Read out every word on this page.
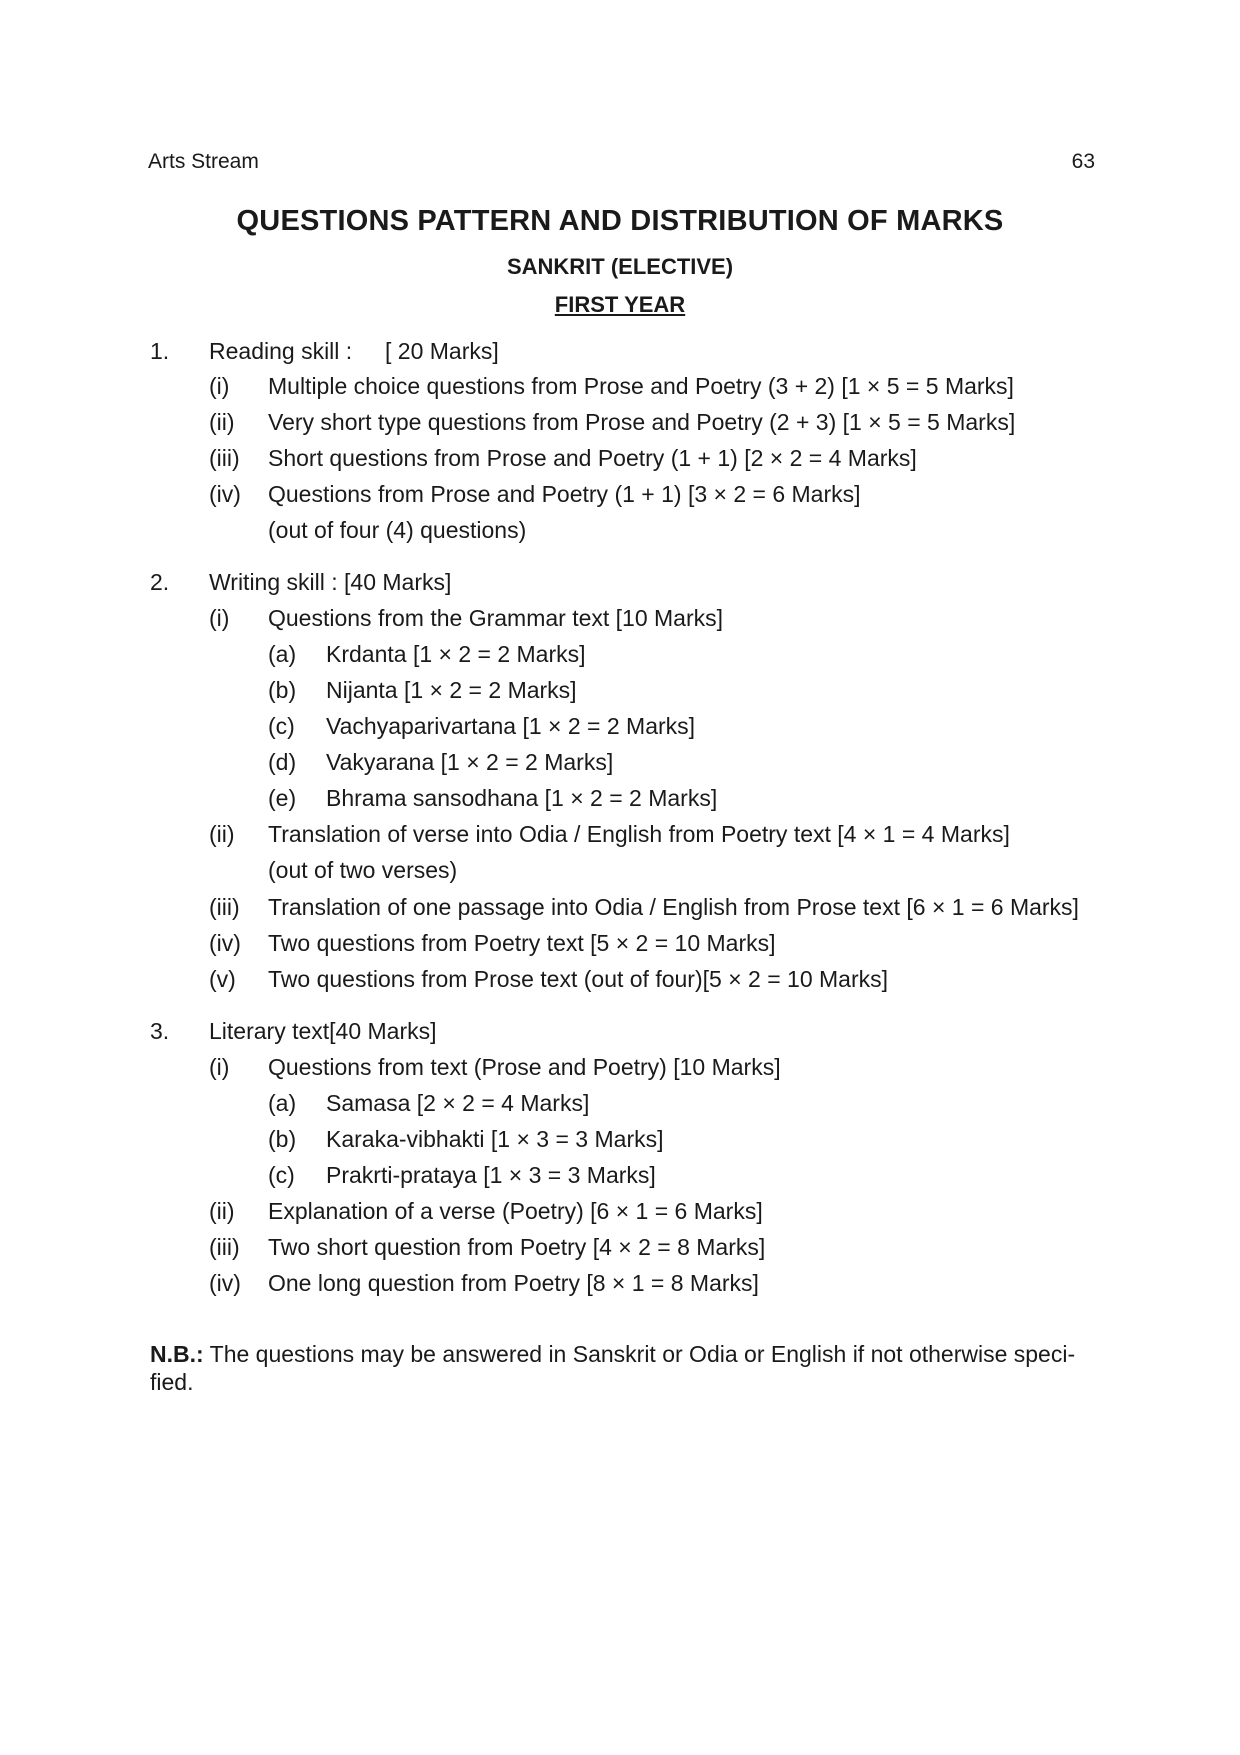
Arts Stream	63
QUESTIONS PATTERN AND DISTRIBUTION OF MARKS
SANKRIT (ELECTIVE)
FIRST YEAR
1. Reading skill : [ 20 Marks]
(i) Multiple choice questions from Prose and Poetry (3 + 2) [1 × 5 = 5 Marks]
(ii) Very short type questions from Prose and Poetry (2 + 3) [1 × 5 = 5 Marks]
(iii) Short questions from Prose and Poetry (1 + 1) [2 × 2 = 4 Marks]
(iv) Questions from Prose and Poetry (1 + 1) [3 × 2 = 6 Marks]
(out of four (4) questions)
2. Writing skill : [40 Marks]
(i) Questions from the Grammar text [10 Marks]
(a) Krdanta [1 × 2 = 2 Marks]
(b) Nijanta [1 × 2 = 2 Marks]
(c) Vachyaparivartana [1 × 2 = 2 Marks]
(d) Vakyarana [1 × 2 = 2 Marks]
(e) Bhrama sansodhana [1 × 2 = 2 Marks]
(ii) Translation of verse into Odia / English from Poetry text [4 × 1 = 4 Marks]
(out of two verses)
(iii) Translation of one passage into Odia / English from Prose text [6 × 1 = 6 Marks]
(iv) Two questions from Poetry text [5 × 2 = 10 Marks]
(v) Two questions from Prose text (out of four)[5 × 2 = 10 Marks]
3. Literary text[40 Marks]
(i) Questions from text (Prose and Poetry) [10 Marks]
(a) Samasa [2 × 2 = 4 Marks]
(b) Karaka-vibhakti [1 × 3 = 3 Marks]
(c) Prakrti-prataya [1 × 3 = 3 Marks]
(ii) Explanation of a verse (Poetry) [6 × 1 = 6 Marks]
(iii) Two short question from Poetry [4 × 2 = 8 Marks]
(iv) One long question from Poetry [8 × 1 = 8 Marks]
N.B.: The questions may be answered in Sanskrit or Odia or English if not otherwise speci-fied.
